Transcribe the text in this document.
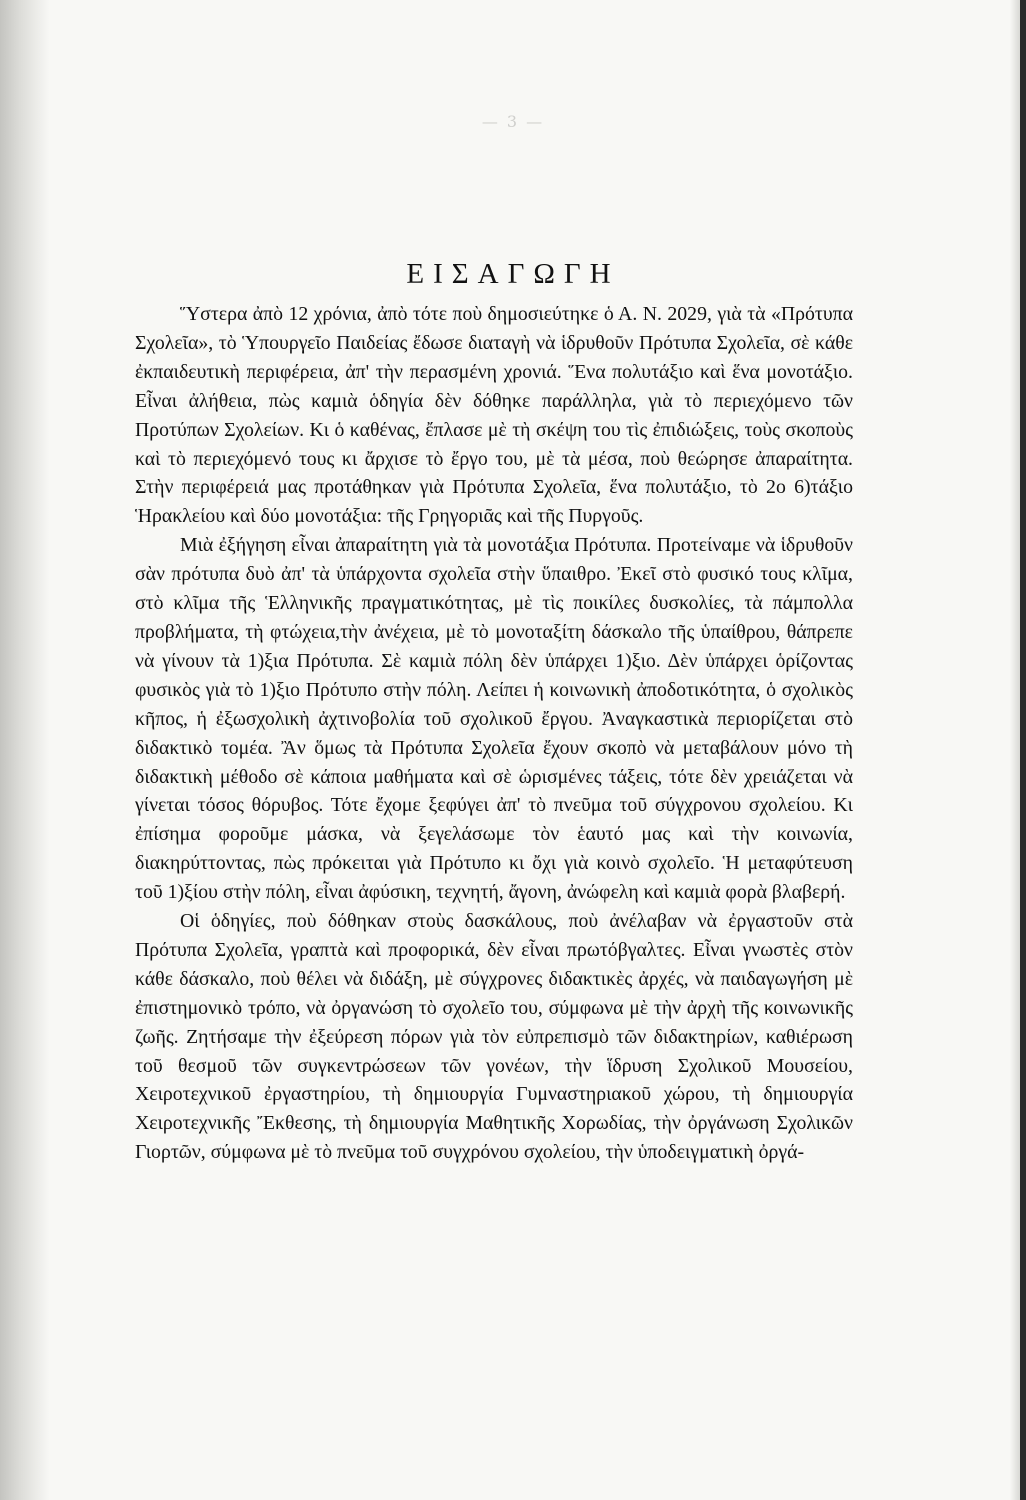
— 3 —
ΕΙΣΑΓΩΓΗ

Ὕστερα ἀπὸ 12 χρόνια, ἀπὸ τότε ποὺ δημοσιεύτηκε ὁ Α. Ν. 2029, γιὰ τὰ «Πρότυπα Σχολεῖα», τὸ Ὑπουργεῖο Παιδείας ἔδωσε διαταγὴ νὰ ἱδρυθοῦν Πρότυπα Σχολεῖα, σὲ κάθε ἐκπαιδευτικὴ περιφέρεια, ἀπ' τὴν περασμένη χρονιά. Ἕνα πολυτάξιο καὶ ἕνα μονοτάξιο. Εἶναι ἀλήθεια, πὼς καμιὰ ὁδηγία δὲν δόθηκε παράλληλα, γιὰ τὸ περιεχόμενο τῶν Προτύπων Σχολείων. Κι ὁ καθένας, ἔπλασε μὲ τὴ σκέψη του τὶς ἐπιδιώξεις, τοὺς σκοποὺς καὶ τὸ περιεχόμενό τους κι ἄρχισε τὸ ἔργο του, μὲ τὰ μέσα, ποὺ θεώρησε ἀπαραίτητα. Στὴν περιφέρειά μας προτάθηκαν γιὰ Πρότυπα Σχολεῖα, ἕνα πολυτάξιο, τὸ 2ο 6)τάξιο Ἡρακλείου καὶ δύο μονοτάξια: τῆς Γρηγοριᾶς καὶ τῆς Πυργοῦς.

Μιὰ ἐξήγηση εἶναι ἀπαραίτητη γιὰ τὰ μονοτάξια Πρότυπα. Προτείναμε νὰ ἱδρυθοῦν σὰν πρότυπα δυὸ ἀπ' τὰ ὑπάρχοντα σχολεῖα στὴν ὕπαιθρο. Ἐκεῖ στὸ φυσικό τους κλῖμα, στὸ κλῖμα τῆς Ἑλληνικῆς πραγματικότητας, μὲ τὶς ποικίλες δυσκολίες, τὰ πάμπολλα προβλήματα, τὴ φτώχεια,τὴν ἀνέχεια, μὲ τὸ μονοταξίτη δάσκαλο τῆς ὑπαίθρου, θάπρεπε νὰ γίνουν τὰ 1)ξια Πρότυπα. Σὲ καμιὰ πόλη δὲν ὑπάρχει 1)ξιο. Δὲν ὑπάρχει ὁρίζοντας φυσικὸς γιὰ τὸ 1)ξιο Πρότυπο στὴν πόλη. Λείπει ἡ κοινωνικὴ ἀποδοτικότητα, ὁ σχολικὸς κῆπος, ἡ ἐξωσχολικὴ ἀχτινοβολία τοῦ σχολικοῦ ἔργου. Ἀναγκαστικὰ περιορίζεται στὸ διδακτικὸ τομέα. Ἂν ὅμως τὰ Πρότυπα Σχολεῖα ἔχουν σκοπὸ νὰ μεταβάλουν μόνο τὴ διδακτικὴ μέθοδο σὲ κάποια μαθήματα καὶ σὲ ὡρισμένες τάξεις, τότε δὲν χρειάζεται νὰ γίνεται τόσος θόρυβος. Τότε ἔχομε ξεφύγει ἀπ' τὸ πνεῦμα τοῦ σύγχρονου σχολείου. Κι ἐπίσημα φοροῦμε μάσκα, νὰ ξεγελάσωμε τὸν ἑαυτό μας καὶ τὴν κοινωνία, διακηρύττοντας, πὼς πρόκειται γιὰ Πρότυπο κι ὄχι γιὰ κοινὸ σχολεῖο. Ἡ μεταφύτευση τοῦ 1)ξίου στὴν πόλη, εἶναι ἀφύσικη, τεχνητή, ἄγονη, ἀνώφελη καὶ καμιὰ φορὰ βλαβερή.

Οἱ ὁδηγίες, ποὺ δόθηκαν στοὺς δασκάλους, ποὺ ἀνέλαβαν νὰ ἐργαστοῦν στὰ Πρότυπα Σχολεῖα, γραπτὰ καὶ προφορικά, δὲν εἶναι πρωτόβγαλτες. Εἶναι γνωστὲς στὸν κάθε δάσκαλο, ποὺ θέλει νὰ διδάξη, μὲ σύγχρονες διδακτικὲς ἀρχές, νὰ παιδαγωγήση μὲ ἐπιστημονικὸ τρόπο, νὰ ὀργανώση τὸ σχολεῖο του, σύμφωνα μὲ τὴν ἀρχὴ τῆς κοινωνικῆς ζωῆς. Ζητήσαμε τὴν ἐξεύρεση πόρων γιὰ τὸν εὐπρεπισμὸ τῶν διδακτηρίων, καθιέρωση τοῦ θεσμοῦ τῶν συγκεντρώσεων τῶν γονέων, τὴν ἵδρυση Σχολικοῦ Μουσείου, Χειροτεχνικοῦ ἐργαστηρίου, τὴ δημιουργία Γυμναστηριακοῦ χώρου, τὴ δημιουργία Χειροτεχνικῆς Ἔκθεσης, τὴ δημιουργία Μαθητικῆς Χορωδίας, τὴν ὀργάνωση Σχολικῶν Γιορτῶν, σύμφωνα μὲ τὸ πνεῦμα τοῦ συγχρόνου σχολείου, τὴν ὑποδειγματικὴ ὀργά-
